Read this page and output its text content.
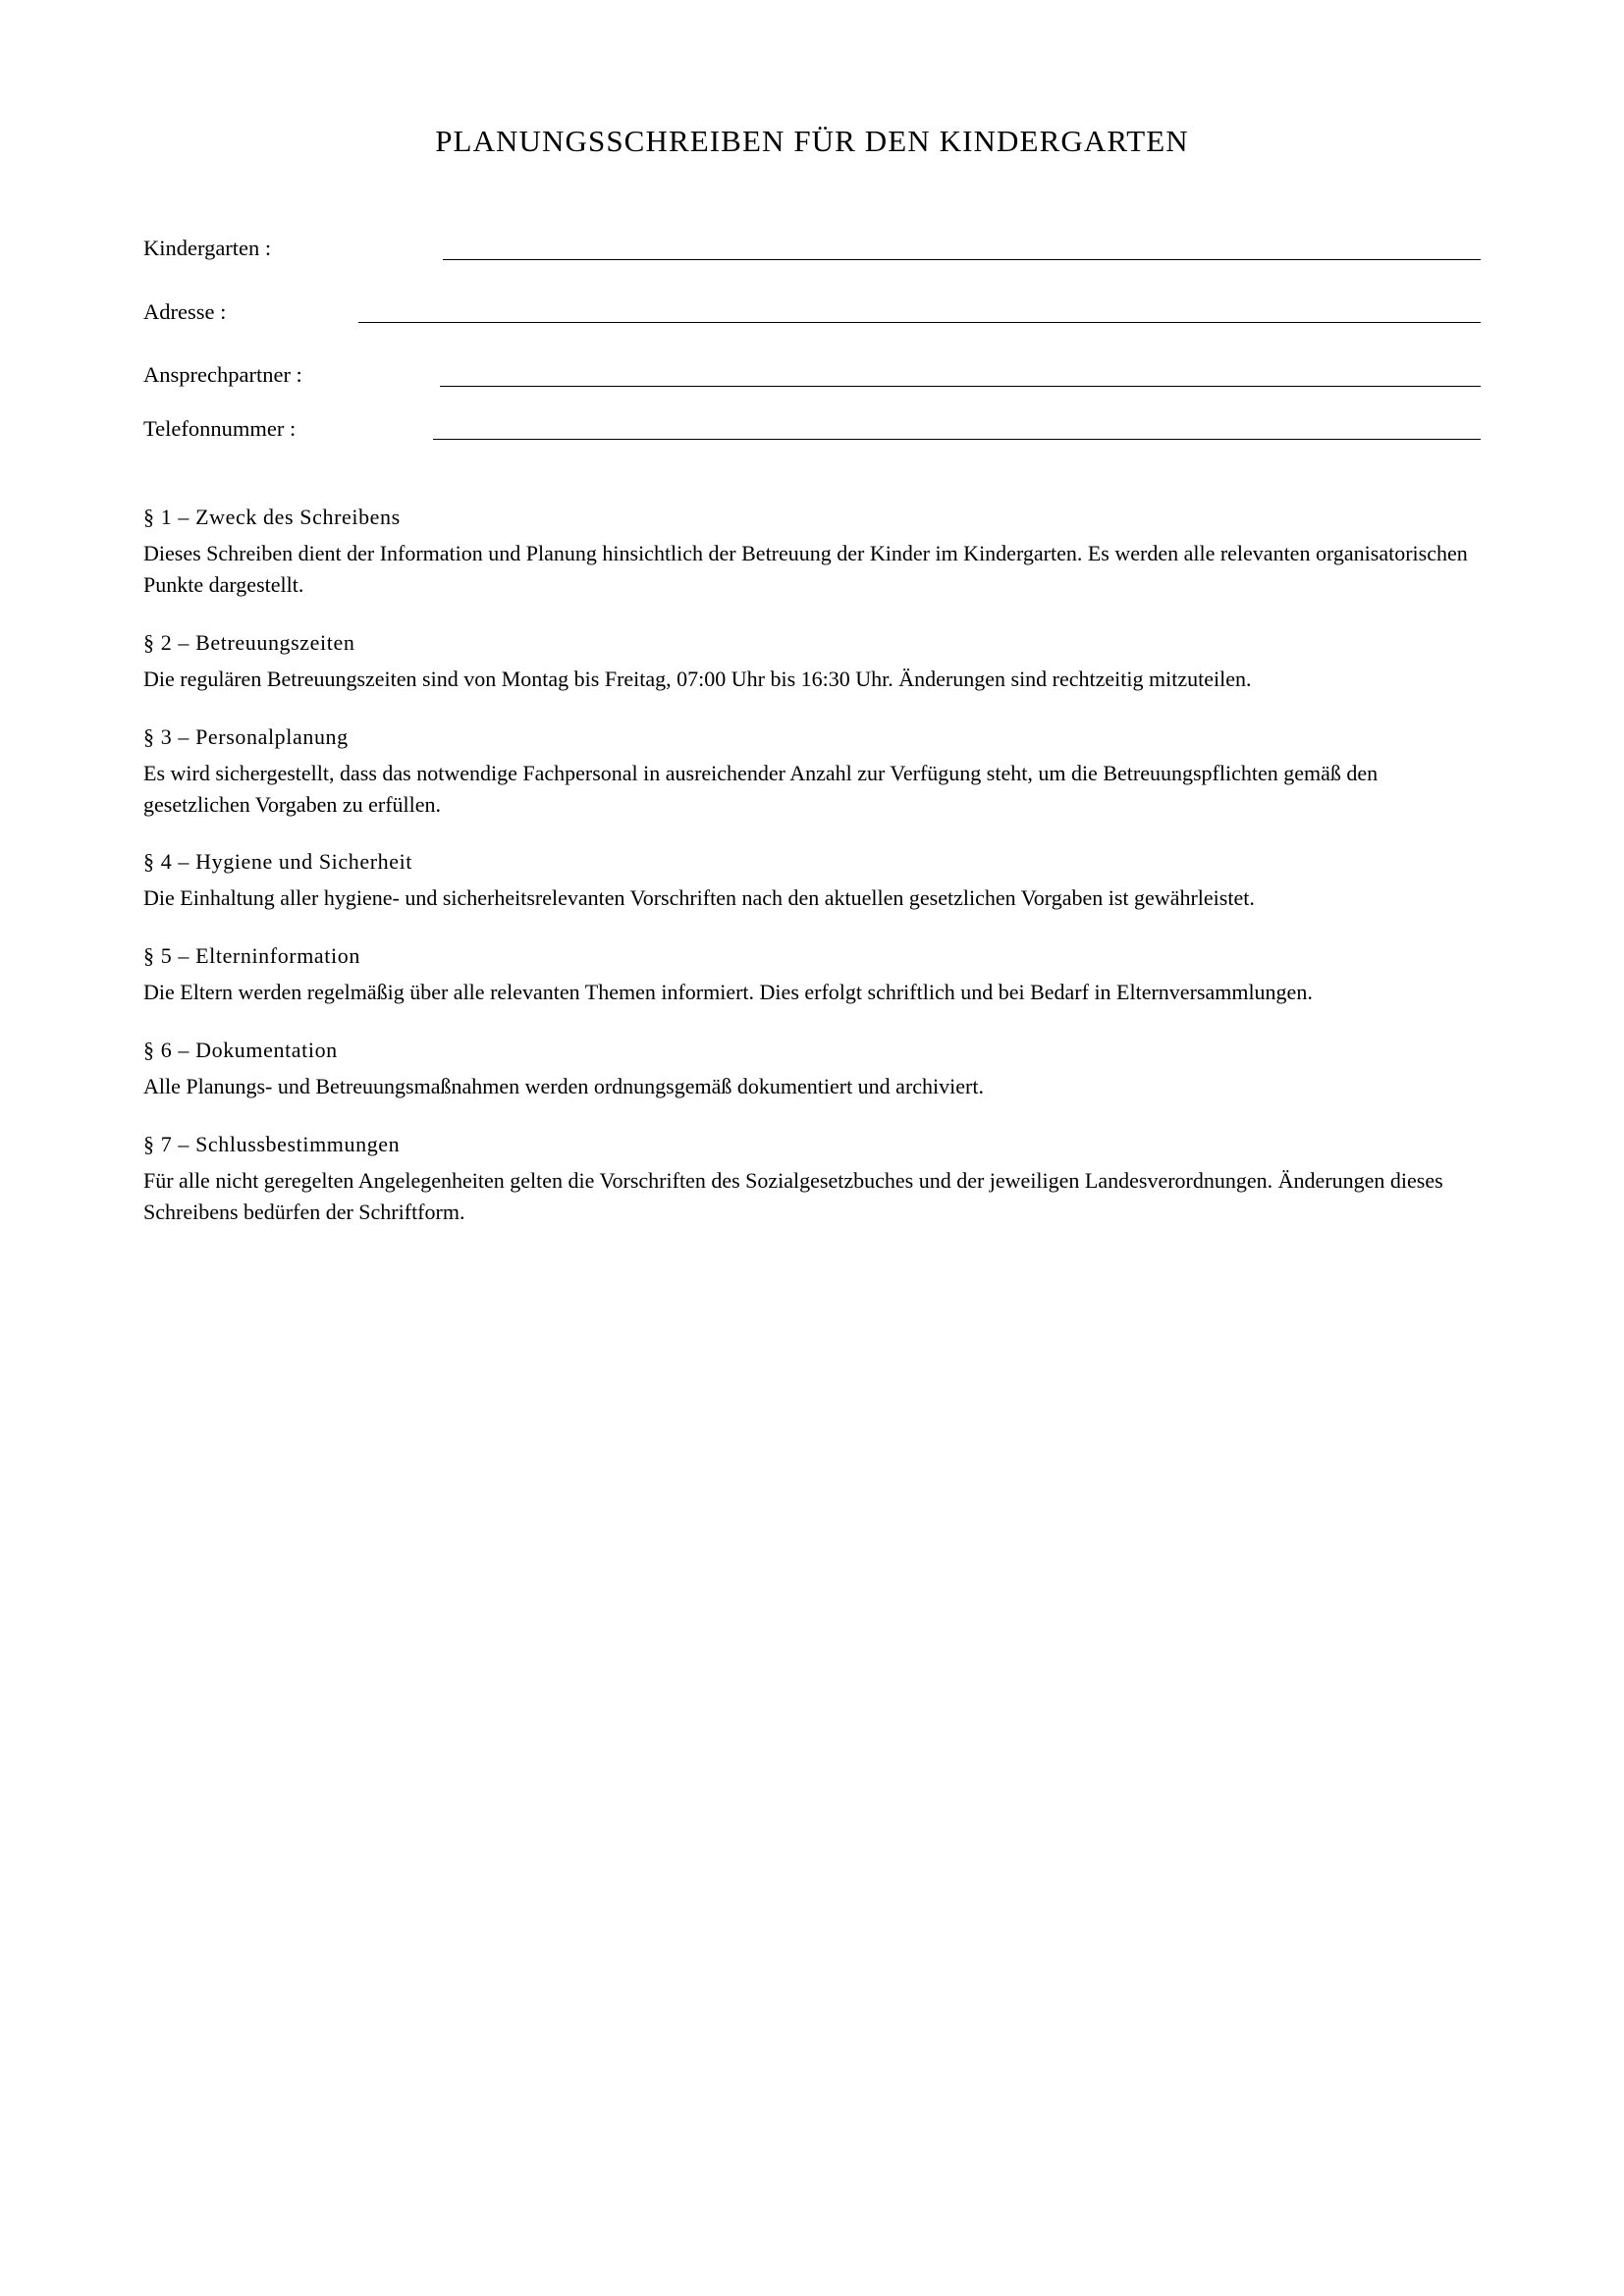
PLANUNGSSCHREIBEN FÜR DEN KINDERGARTEN
Kindergarten :
Adresse :
Ansprechpartner :
Telefonnummer :
§ 1 – Zweck des Schreibens

Dieses Schreiben dient der Information und Planung hinsichtlich der Betreuung der Kinder im Kindergarten. Es werden alle relevanten organisatorischen Punkte dargestellt.

§ 2 – Betreuungszeiten

Die regulären Betreuungszeiten sind von Montag bis Freitag, 07:00 Uhr bis 16:30 Uhr. Änderungen sind rechtzeitig mitzuteilen.

§ 3 – Personalplanung

Es wird sichergestellt, dass das notwendige Fachpersonal in ausreichender Anzahl zur Verfügung steht, um die Betreuungspflichten gemäß den gesetzlichen Vorgaben zu erfüllen.

§ 4 – Hygiene und Sicherheit

Die Einhaltung aller hygiene- und sicherheitsrelevanten Vorschriften nach den aktuellen gesetzlichen Vorgaben ist gewährleistet.

§ 5 – Elterninformation

Die Eltern werden regelmäßig über alle relevanten Themen informiert. Dies erfolgt schriftlich und bei Bedarf in Elternversammlungen.

§ 6 – Dokumentation

Alle Planungs- und Betreuungsmaßnahmen werden ordnungsgemäß dokumentiert und archiviert.

§ 7 – Schlussbestimmungen

Für alle nicht geregelten Angelegenheiten gelten die Vorschriften des Sozialgesetzbuches und der jeweiligen Landesverordnungen. Änderungen dieses Schreibens bedürfen der Schriftform.
